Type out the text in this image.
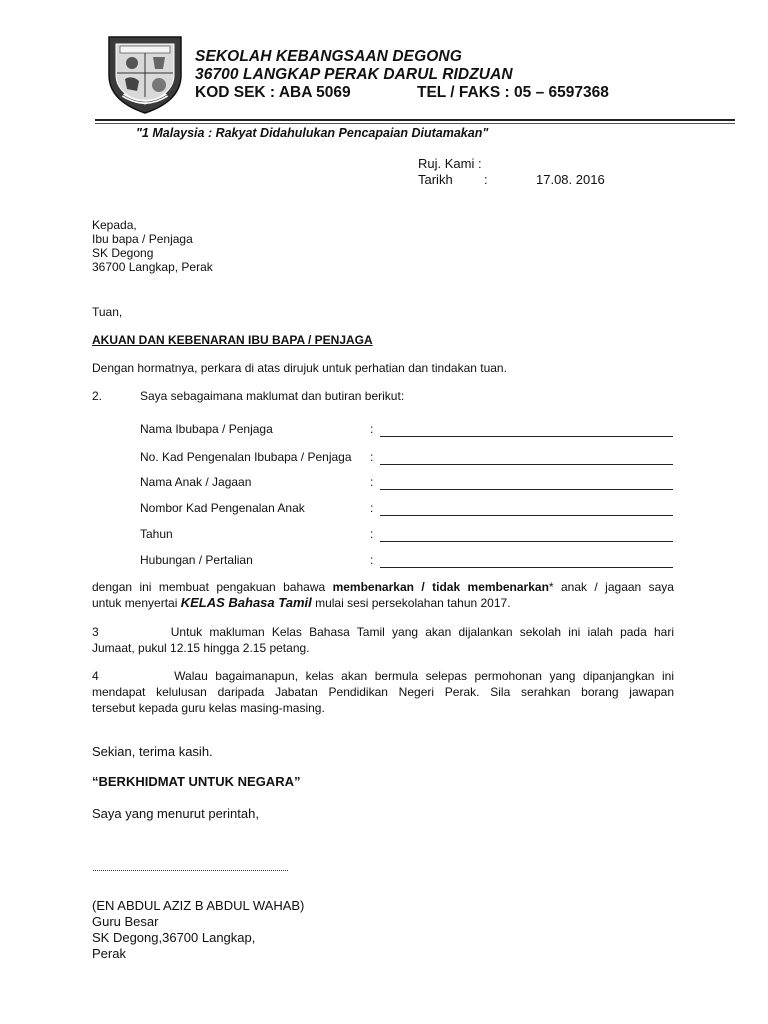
SEKOLAH KEBANGSAAN DEGONG
36700 LANGKAP PERAK DARUL RIDZUAN
KOD SEK : ABA 5069	TEL / FAKS : 05 – 6597368
"1 Malaysia : Rakyat Didahulukan Pencapaian Diutamakan"
Ruj. Kami :
Tarikh :	17.08. 2016
Kepada,
Ibu bapa / Penjaga
SK Degong
36700 Langkap, Perak
Tuan,
AKUAN DAN KEBENARAN IBU BAPA / PENJAGA
Dengan hormatnya, perkara di atas dirujuk untuk perhatian dan tindakan tuan.
2.	Saya sebagaimana maklumat dan butiran berikut:
Nama Ibubapa / Penjaga	:
No. Kad Pengenalan Ibubapa / Penjaga :
Nama Anak / Jagaan	:
Nombor Kad Pengenalan Anak	:
Tahun	:
Hubungan / Pertalian	:
dengan ini membuat pengakuan bahawa membenarkan / tidak membenarkan* anak / jagaan saya
untuk menyertai KELAS Bahasa Tamil mulai sesi persekolahan tahun 2017.
3          Untuk makluman Kelas Bahasa Tamil yang akan dijalankan sekolah ini ialah pada hari
Jumaat, pukul 12.15 hingga 2.15 petang.
4          Walau bagaimanapun, kelas akan bermula selepas permohonan yang dipanjangkan ini
mendapat kelulusan daripada Jabatan Pendidikan Negeri Perak. Sila serahkan borang jawapan
tersebut kepada guru kelas masing-masing.
Sekian, terima kasih.
“BERKHIDMAT UNTUK NEGARA”
Saya yang menurut perintah,
(EN ABDUL AZIZ B ABDUL WAHAB)
Guru Besar
SK Degong,36700 Langkap,
Perak
